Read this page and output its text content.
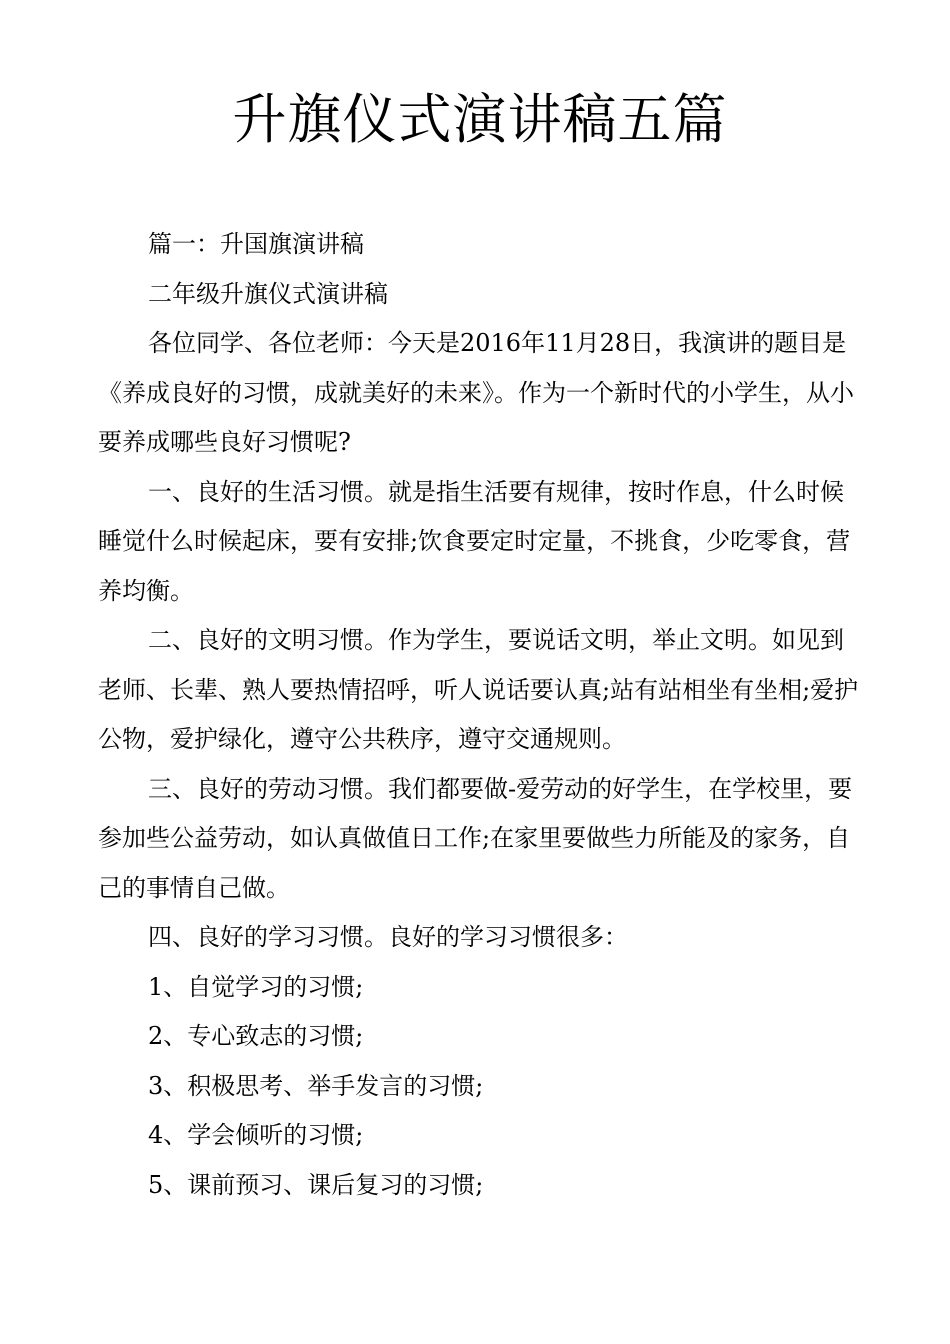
升旗仪式演讲稿五篇

篇一：升国旗演讲稿

二年级升旗仪式演讲稿

各位同学、各位老师：今天是2016年11月28日，我演讲的题目是《养成良好的习惯，成就美好的未来》。作为一个新时代的小学生，从小要养成哪些良好习惯呢?

一、良好的生活习惯。就是指生活要有规律，按时作息，什么时候睡觉什么时候起床，要有安排;饮食要定时定量，不挑食，少吃零食，营养均衡。

二、良好的文明习惯。作为学生，要说话文明，举止文明。如见到老师、长辈、熟人要热情招呼，听人说话要认真;站有站相坐有坐相;爱护公物，爱护绿化，遵守公共秩序，遵守交通规则。

三、良好的劳动习惯。我们都要做-爱劳动的好学生，在学校里，要参加些公益劳动，如认真做值日工作;在家里要做些力所能及的家务，自己的事情自己做。

四、良好的学习习惯。良好的学习习惯很多：

1、自觉学习的习惯;

2、专心致志的习惯;

3、积极思考、举手发言的习惯;

4、学会倾听的习惯;

5、课前预习、课后复习的习惯;
